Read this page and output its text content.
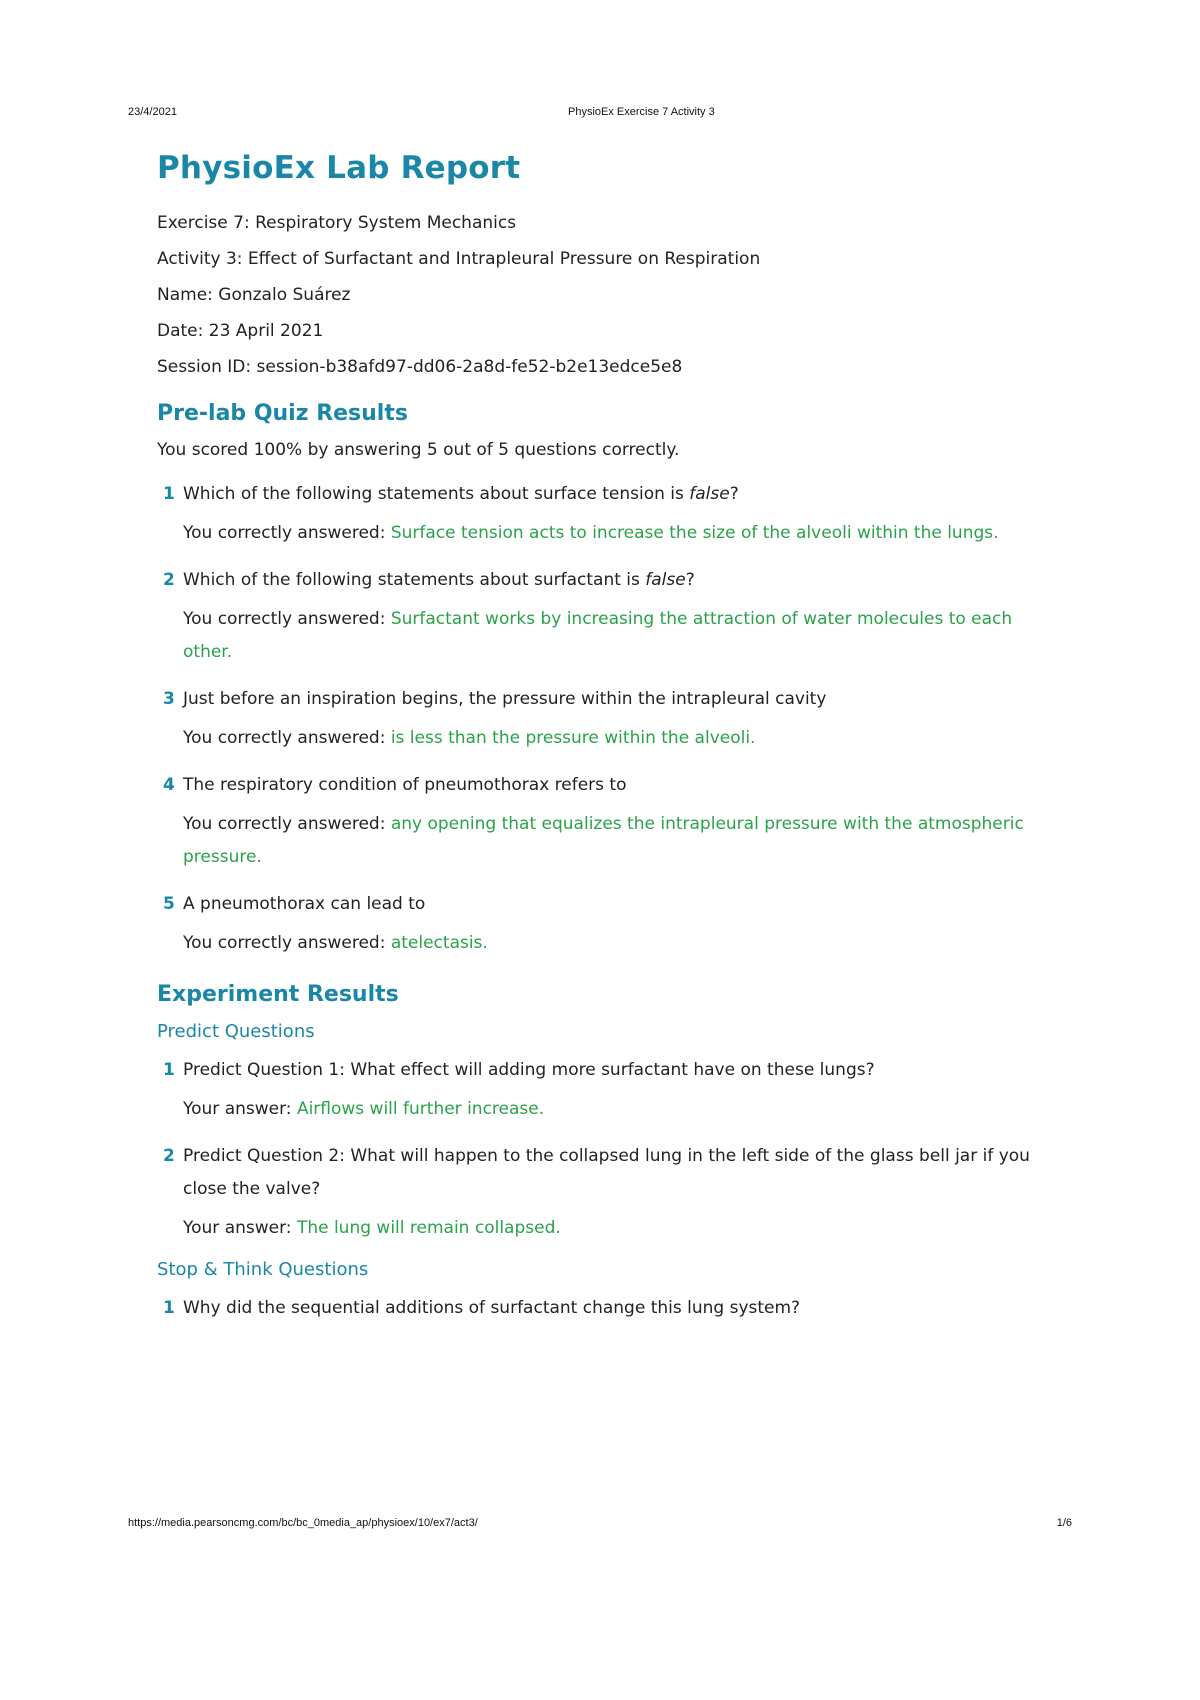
23/4/2021	PhysioEx Exercise 7 Activity 3
PhysioEx Lab Report
Exercise 7: Respiratory System Mechanics
Activity 3: Effect of Surfactant and Intrapleural Pressure on Respiration
Name: Gonzalo Suárez
Date: 23 April 2021
Session ID: session-b38afd97-dd06-2a8d-fe52-b2e13edce5e8
Pre-lab Quiz Results
You scored 100% by answering 5 out of 5 questions correctly.
1 Which of the following statements about surface tension is false?
You correctly answered: Surface tension acts to increase the size of the alveoli within the lungs.
2 Which of the following statements about surfactant is false?
You correctly answered: Surfactant works by increasing the attraction of water molecules to each other.
3 Just before an inspiration begins, the pressure within the intrapleural cavity
You correctly answered: is less than the pressure within the alveoli.
4 The respiratory condition of pneumothorax refers to
You correctly answered: any opening that equalizes the intrapleural pressure with the atmospheric pressure.
5 A pneumothorax can lead to
You correctly answered: atelectasis.
Experiment Results
Predict Questions
1 Predict Question 1: What effect will adding more surfactant have on these lungs?
Your answer: Airflows will further increase.
2 Predict Question 2: What will happen to the collapsed lung in the left side of the glass bell jar if you close the valve?
Your answer: The lung will remain collapsed.
Stop & Think Questions
1 Why did the sequential additions of surfactant change this lung system?
https://media.pearsoncmg.com/bc/bc_0media_ap/physioex/10/ex7/act3/	1/6
